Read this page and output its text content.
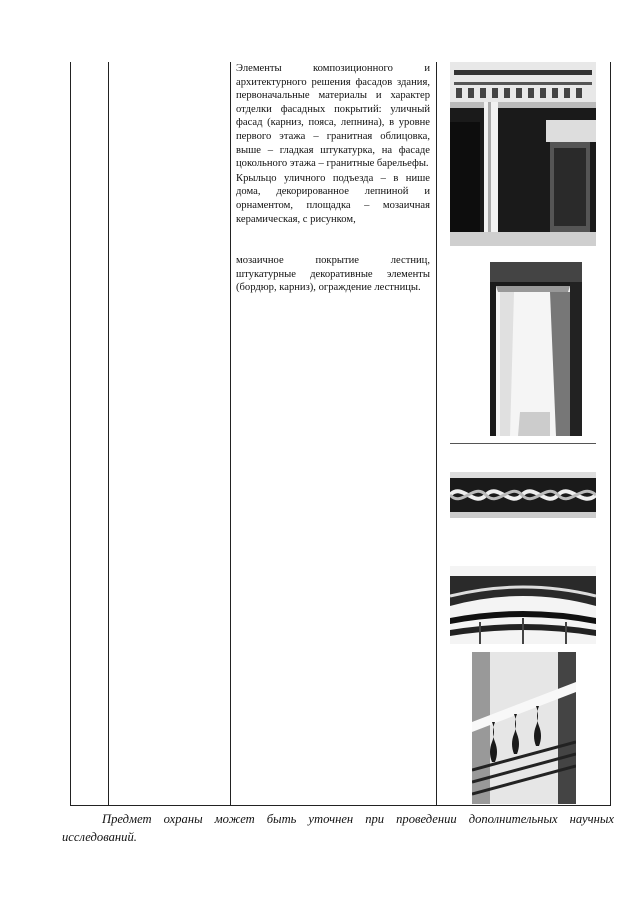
Элементы композиционного и архитектурного решения фасадов здания, первоначальные материалы и характер отделки фасадных покрытий: уличный фасад (карниз, пояса, лепнина), в уровне первого этажа – гранитная облицовка, выше – гладкая штукатурка, на фасаде цокольного этажа – гранитные барельефы.

Крыльцо уличного подъезда – в нише дома, декорированное лепниной и орнаментом, площадка – мозаичная керамическая, с рисунком,

мозаичное покрытие лестниц, штукатурные декоративные элементы (бордюр, карниз), ограждение лестницы.

Предмет охраны может быть уточнен при проведении дополнительных научных исследований.
